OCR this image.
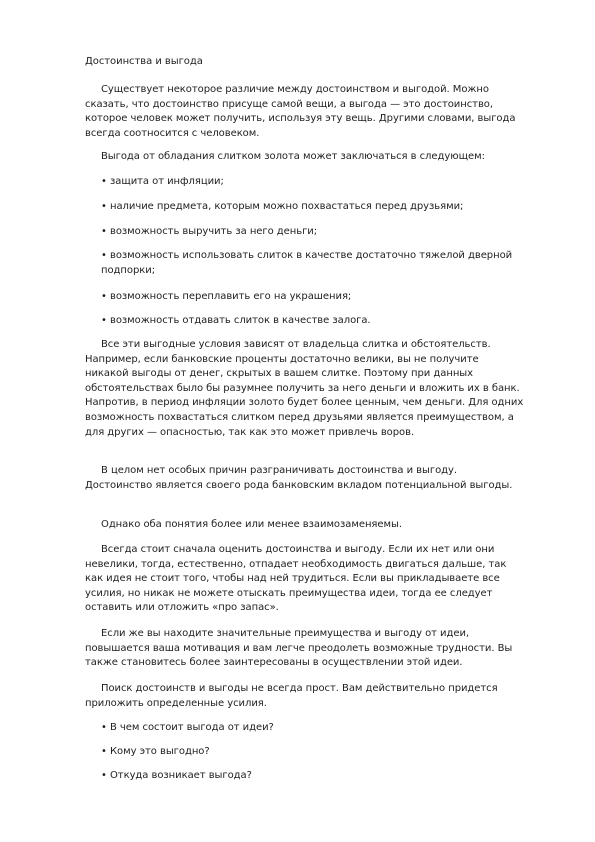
Достоинства и выгода

Существует некоторое различие между достоинством и выгодой. Можно сказать, что достоинство присуще самой вещи, а выгода — это достоинство, которое человек может получить, используя эту вещь. Другими словами, выгода всегда соотносится с человеком.

Выгода от обладания слитком золота может заключаться в следующем:

• защита от инфляции;

• наличие предмета, которым можно похвастаться перед друзьями;

• возможность выручить за него деньги;

• возможность использовать слиток в качестве достаточно тяжелой дверной подпорки;

• возможность переплавить его на украшения;

• возможность отдавать слиток в качестве залога.

Все эти выгодные условия зависят от владельца слитка и обстоятельств. Например, если банковские проценты достаточно велики, вы не получите никакой выгоды от денег, скрытых в вашем слитке. Поэтому при данных обстоятельствах было бы разумнее получить за него деньги и вложить их в банк. Напротив, в период инфляции золото будет более ценным, чем деньги. Для одних возможность похвастаться слитком перед друзьями является преимуществом, а для других — опасностью, так как это может привлечь воров.

В целом нет особых причин разграничивать достоинства и выгоду. Достоинство является своего рода банковским вкладом потенциальной выгоды.

Однако оба понятия более или менее взаимозаменяемы.

Всегда стоит сначала оценить достоинства и выгоду. Если их нет или они невелики, тогда, естественно, отпадает необходимость двигаться дальше, так как идея не стоит того, чтобы над ней трудиться. Если вы прикладываете все усилия, но никак не можете отыскать преимущества идеи, тогда ее следует оставить или отложить «про запас».

Если же вы находите значительные преимущества и выгоду от идеи, повышается ваша мотивация и вам легче преодолеть возможные трудности. Вы также становитесь более заинтересованы в осуществлении этой идеи.

Поиск достоинств и выгоды не всегда прост. Вам действительно придется приложить определенные усилия.

• В чем состоит выгода от идеи?

• Кому это выгодно?

• Откуда возникает выгода?
